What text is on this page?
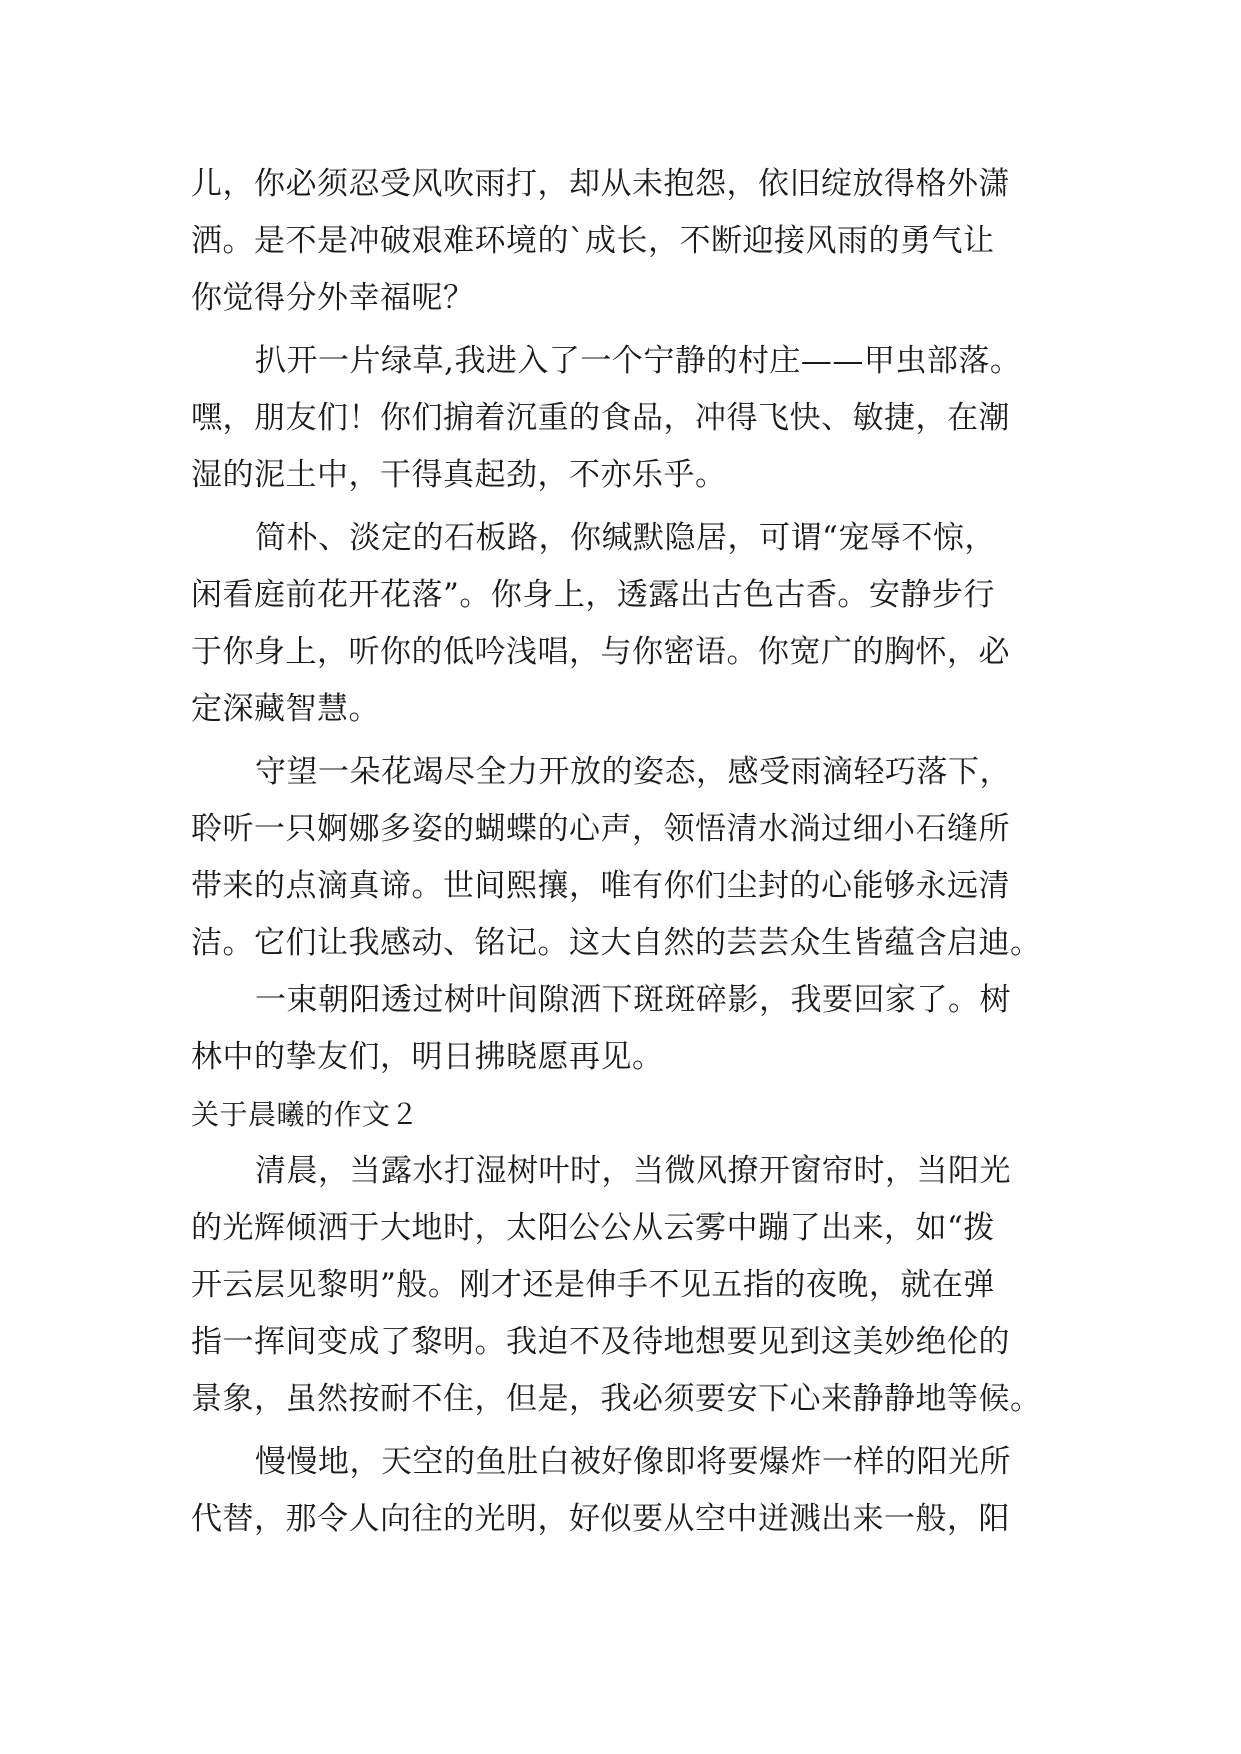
儿，你必须忍受风吹雨打，却从未抱怨，依旧绽放得格外潇
洒。是不是冲破艰难环境的`成长，不断迎接风雨的勇气让
你觉得分外幸福呢？
扒开一片绿草,我进入了一个宁静的村庄——甲虫部落。
嘿，朋友们！你们掮着沉重的食品，冲得飞快、敏捷，在潮
湿的泥土中，干得真起劲，不亦乐乎。
简朴、淡定的石板路，你缄默隐居，可谓“宠辱不惊，
闲看庭前花开花落”。你身上，透露出古色古香。安静步行
于你身上，听你的低吟浅唱，与你密语。你宽广的胸怀，必
定深藏智慧。
守望一朵花竭尽全力开放的姿态，感受雨滴轻巧落下，
聆听一只婀娜多姿的蝴蝶的心声，领悟清水淌过细小石缝所
带来的点滴真谛。世间熙攘，唯有你们尘封的心能够永远清
洁。它们让我感动、铭记。这大自然的芸芸众生皆蕴含启迪。
一束朝阳透过树叶间隙洒下斑斑碎影，我要回家了。树
林中的挚友们，明日拂晓愿再见。
关于晨曦的作文２
清晨，当露水打湿树叶时，当微风撩开窗帘时，当阳光
的光辉倾洒于大地时，太阳公公从云雾中蹦了出来，如“拨
开云层见黎明”般。刚才还是伸手不见五指的夜晚，就在弹
指一挥间变成了黎明。我迫不及待地想要见到这美妙绝伦的
景象，虽然按耐不住，但是，我必须要安下心来静静地等候。
慢慢地，天空的鱼肚白被好像即将要爆炸一样的阳光所
代替，那令人向往的光明，好似要从空中迸溅出来一般，阳
